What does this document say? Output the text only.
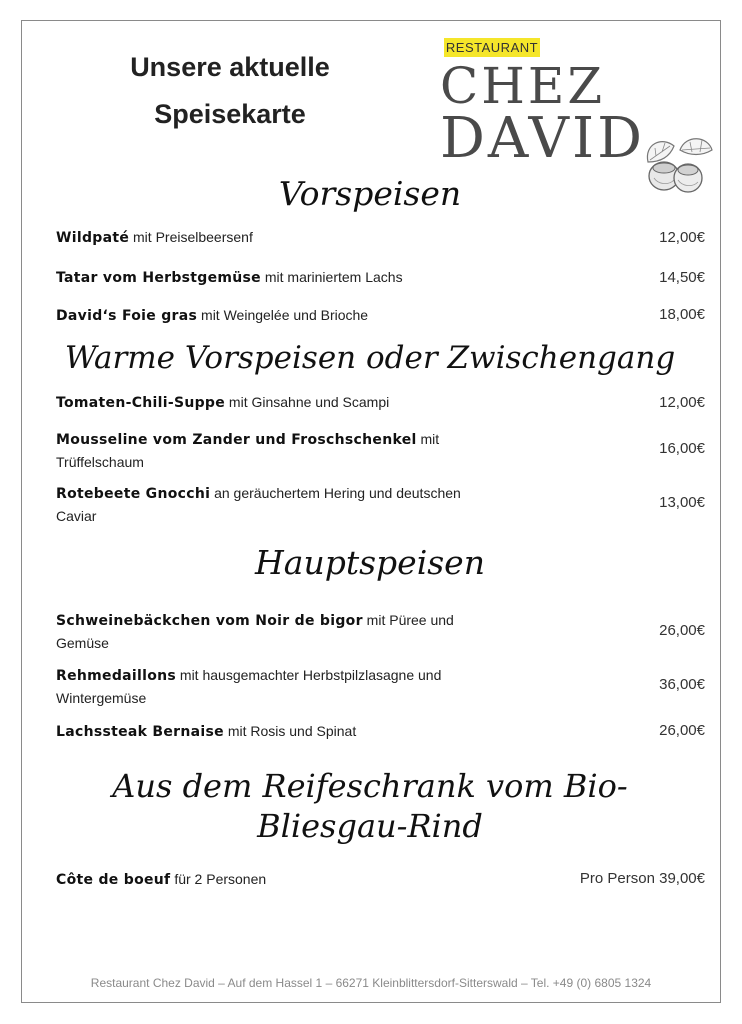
Unsere aktuelle
Speisekarte
RESTAURANT
CHEZ
DAVID
Vorspeisen
Wildpaté mit Preiselbeersenf	12,00€
Tatar vom Herbstgemüse mit mariniertem Lachs	14,50€
David‘s Foie gras mit Weingelée und Brioche	18,00€
Warme Vorspeisen oder Zwischengang
Tomaten-Chili-Suppe mit Ginsahne und Scampi	12,00€
Mousseline vom Zander und Froschschenkel mit
Trüffelschaum
16,00€
Rotebeete Gnocchi an geräuchertem Hering und deutschen
Caviar
13,00€
Hauptspeisen
Schweinebäckchen vom Noir de bigor mit Püree und
Gemüse
26,00€
Rehmedaillons mit hausgemachter Herbstpilzlasagne und
Wintergemüse
36,00€
Lachssteak Bernaise mit Rosis und Spinat	26,00€
Aus dem Reifeschrank vom Bio-
Bliesgau-Rind
Côte de boeuf für 2 Personen	Pro Person 39,00€
Restaurant Chez David – Auf dem Hassel 1 – 66271 Kleinblittersdorf-Sitterswald – Tel. +49 (0) 6805 1324
